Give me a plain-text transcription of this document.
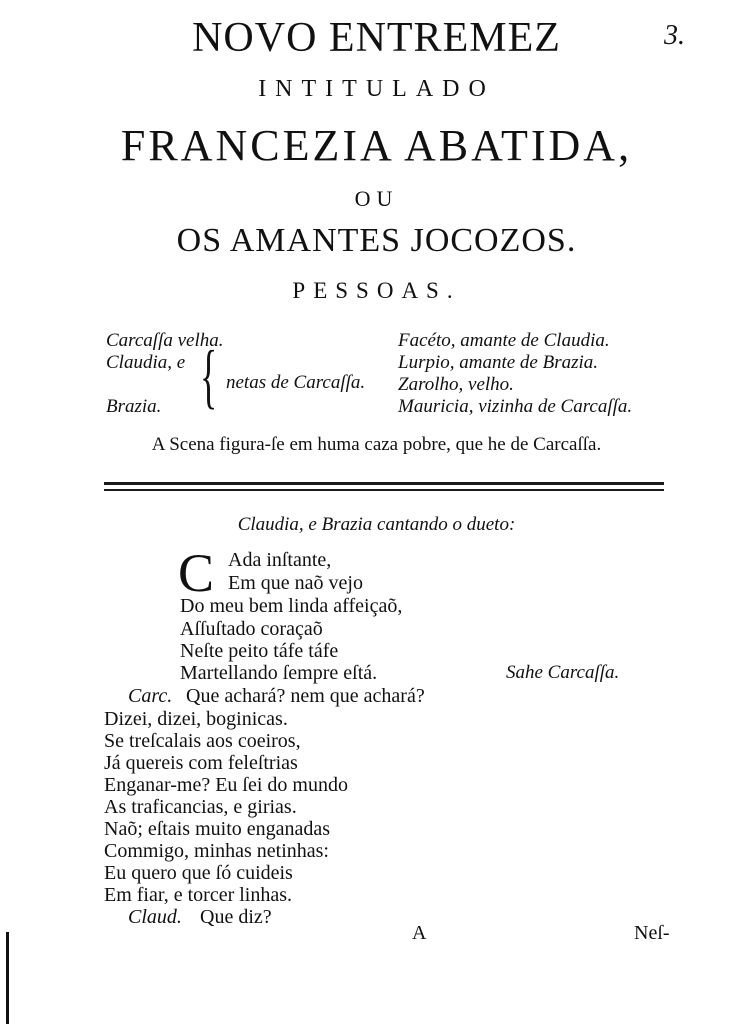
3.
NOVO ENTREMEZ
INTITULADO
FRANCEZIA ABATIDA,
OU
OS AMANTES JOCOZOS.
PESSOAS.
Carcaſſa velha.
Claudia, e
Brazia. { netas de Carcaſſa.
Facéto, amante de Claudia.
Lurpio, amante de Brazia.
Zarolho, velho.
Mauricia, vizinha de Carcaſſa.
A Scena figura-ſe em huma caza pobre, que he de Carcaſſa.
Claudia, e Brazia cantando o dueto:
C Ada inſtante,
Em que naõ vejo
Do meu bem linda affeiçaõ,
Aſſuſtado coraçaõ
Neſte peito táfe táfe
Martellando ſempre eſtá.	Sahe Carcaſſa.
Carc. Que achará? nem que achará?
Dizei, dizei, boginicas.
Se treſcalais aos coeiros,
Já quereis com feleſtrias
Enganar-me? Eu ſei do mundo
As traficancias, e girias.
Naõ; eſtais muito enganadas
Commigo, minhas netinhas:
Eu quero que ſó cuideis
Em fiar, e torcer linhas.
Claud. Que diz?
A	Neſ-
